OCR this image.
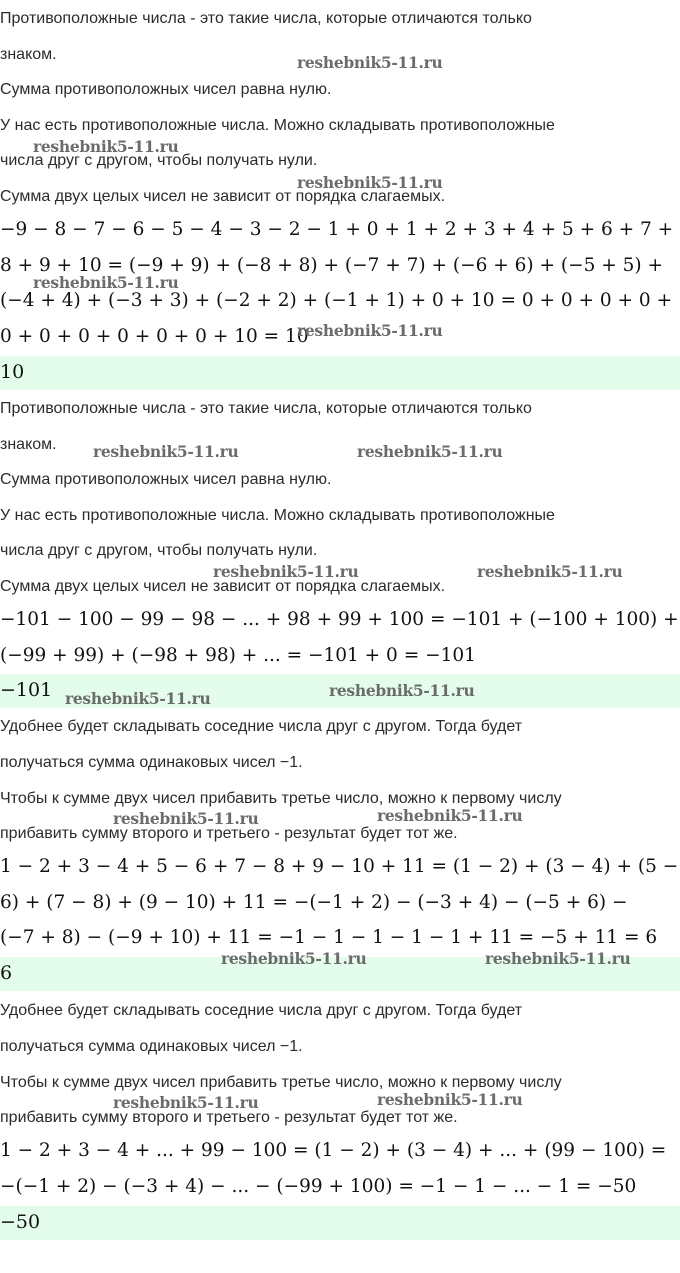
Противоположные числа - это такие числа, которые отличаются только
знаком.
Сумма противоположных чисел равна нулю.
У нас есть противоположные числа. Можно складывать противоположные
числа друг с другом, чтобы получать нули.
Сумма двух целых чисел не зависит от порядка слагаемых.
−9 − 8 − 7 − 6 − 5 − 4 − 3 − 2 − 1 + 0 + 1 + 2 + 3 + 4 + 5 + 6 + 7 +
8 + 9 + 10 = (−9 + 9) + (−8 + 8) + (−7 + 7) + (−6 + 6) + (−5 + 5) +
(−4 + 4) + (−3 + 3) + (−2 + 2) + (−1 + 1) + 0 + 10 = 0 + 0 + 0 + 0 +
0 + 0 + 0 + 0 + 0 + 0 + 10 = 10
10
Противоположные числа - это такие числа, которые отличаются только
знаком.
Сумма противоположных чисел равна нулю.
У нас есть противоположные числа. Можно складывать противоположные
числа друг с другом, чтобы получать нули.
Сумма двух целых чисел не зависит от порядка слагаемых.
−101 − 100 − 99 − 98 − ... + 98 + 99 + 100 = −101 + (−100 + 100) +
(−99 + 99) + (−98 + 98) + ... = −101 + 0 = −101
−101
Удобнее будет складывать соседние числа друг с другом. Тогда будет
получаться сумма одинаковых чисел −1.
Чтобы к сумме двух чисел прибавить третье число, можно к первому числу
прибавить сумму второго и третьего - результат будет тот же.
1 − 2 + 3 − 4 + 5 − 6 + 7 − 8 + 9 − 10 + 11 = (1 − 2) + (3 − 4) + (5 −
6) + (7 − 8) + (9 − 10) + 11 = −(−1 + 2) − (−3 + 4) − (−5 + 6) −
(−7 + 8) − (−9 + 10) + 11 = −1 − 1 − 1 − 1 − 1 + 11 = −5 + 11 = 6
6
Удобнее будет складывать соседние числа друг с другом. Тогда будет
получаться сумма одинаковых чисел −1.
Чтобы к сумме двух чисел прибавить третье число, можно к первому числу
прибавить сумму второго и третьего - результат будет тот же.
1 − 2 + 3 − 4 + ... + 99 − 100 = (1 − 2) + (3 − 4) + ... + (99 − 100) =
−(−1 + 2) − (−3 + 4) − ... − (−99 + 100) = −1 − 1 − ... − 1 = −50
−50
reshebnik5-11.ru
reshebnik5-11.ru
reshebnik5-11.ru
reshebnik5-11.ru
reshebnik5-11.ru
reshebnik5-11.ru	reshebnik5-11.ru
reshebnik5-11.ru	reshebnik5-11.ru
reshebnik5-11.ru	reshebnik5-11.ru
reshebnik5-11.ru	reshebnik5-11.ru
reshebnik5-11.ru	reshebnik5-11.ru
reshebnik5-11.ru	reshebnik5-11.ru
